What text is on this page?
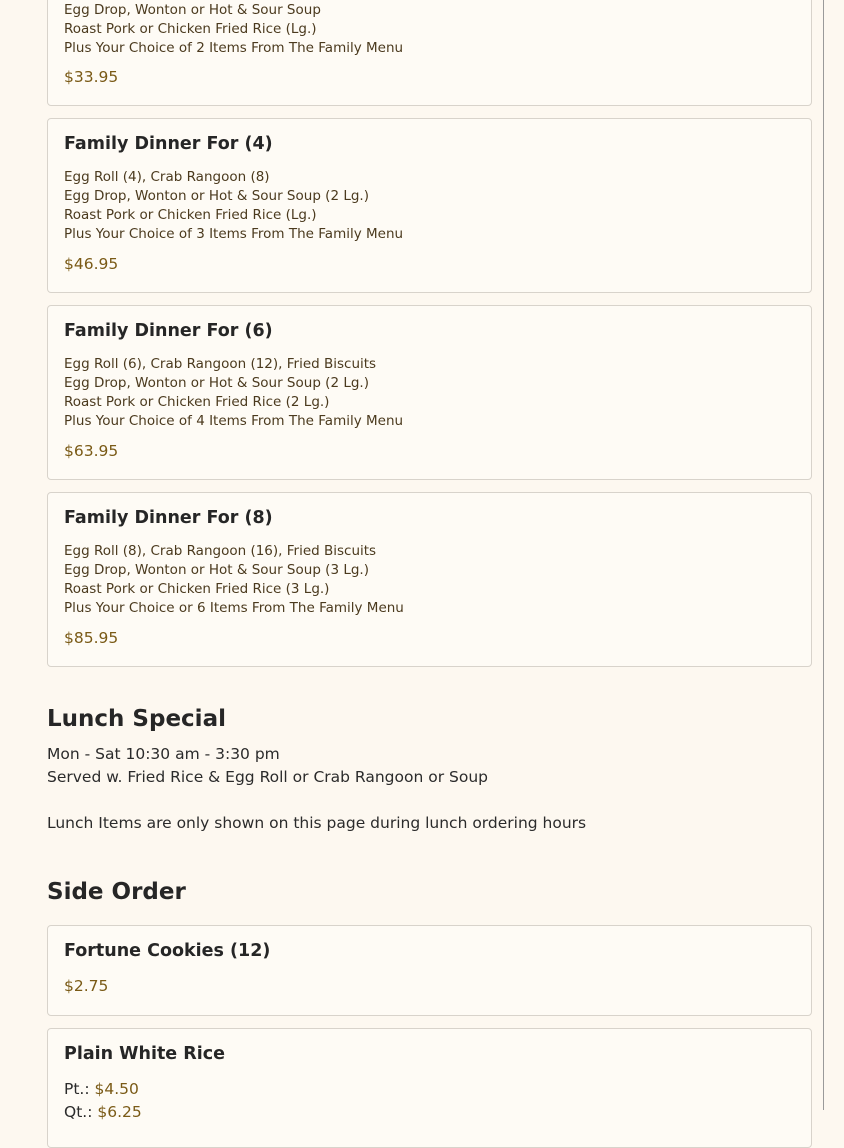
Egg Drop, Wonton or Hot & Sour Soup
Roast Pork or Chicken Fried Rice (Lg.)
Plus Your Choice of 2 Items From The Family Menu
$33.95
Family Dinner For (4)
Egg Roll (4), Crab Rangoon (8)
Egg Drop, Wonton or Hot & Sour Soup (2 Lg.)
Roast Pork or Chicken Fried Rice (Lg.)
Plus Your Choice of 3 Items From The Family Menu
$46.95
Family Dinner For (6)
Egg Roll (6), Crab Rangoon (12), Fried Biscuits
Egg Drop, Wonton or Hot & Sour Soup (2 Lg.)
Roast Pork or Chicken Fried Rice (2 Lg.)
Plus Your Choice of 4 Items From The Family Menu
$63.95
Family Dinner For (8)
Egg Roll (8), Crab Rangoon (16), Fried Biscuits
Egg Drop, Wonton or Hot & Sour Soup (3 Lg.)
Roast Pork or Chicken Fried Rice (3 Lg.)
Plus Your Choice or 6 Items From The Family Menu
$85.95
Lunch Special
Mon - Sat 10:30 am - 3:30 pm
Served w. Fried Rice & Egg Roll or Crab Rangoon or Soup
Lunch Items are only shown on this page during lunch ordering hours
Side Order
Fortune Cookies (12)
$2.75
Plain White Rice
Pt.: $4.50
Qt.: $6.25
